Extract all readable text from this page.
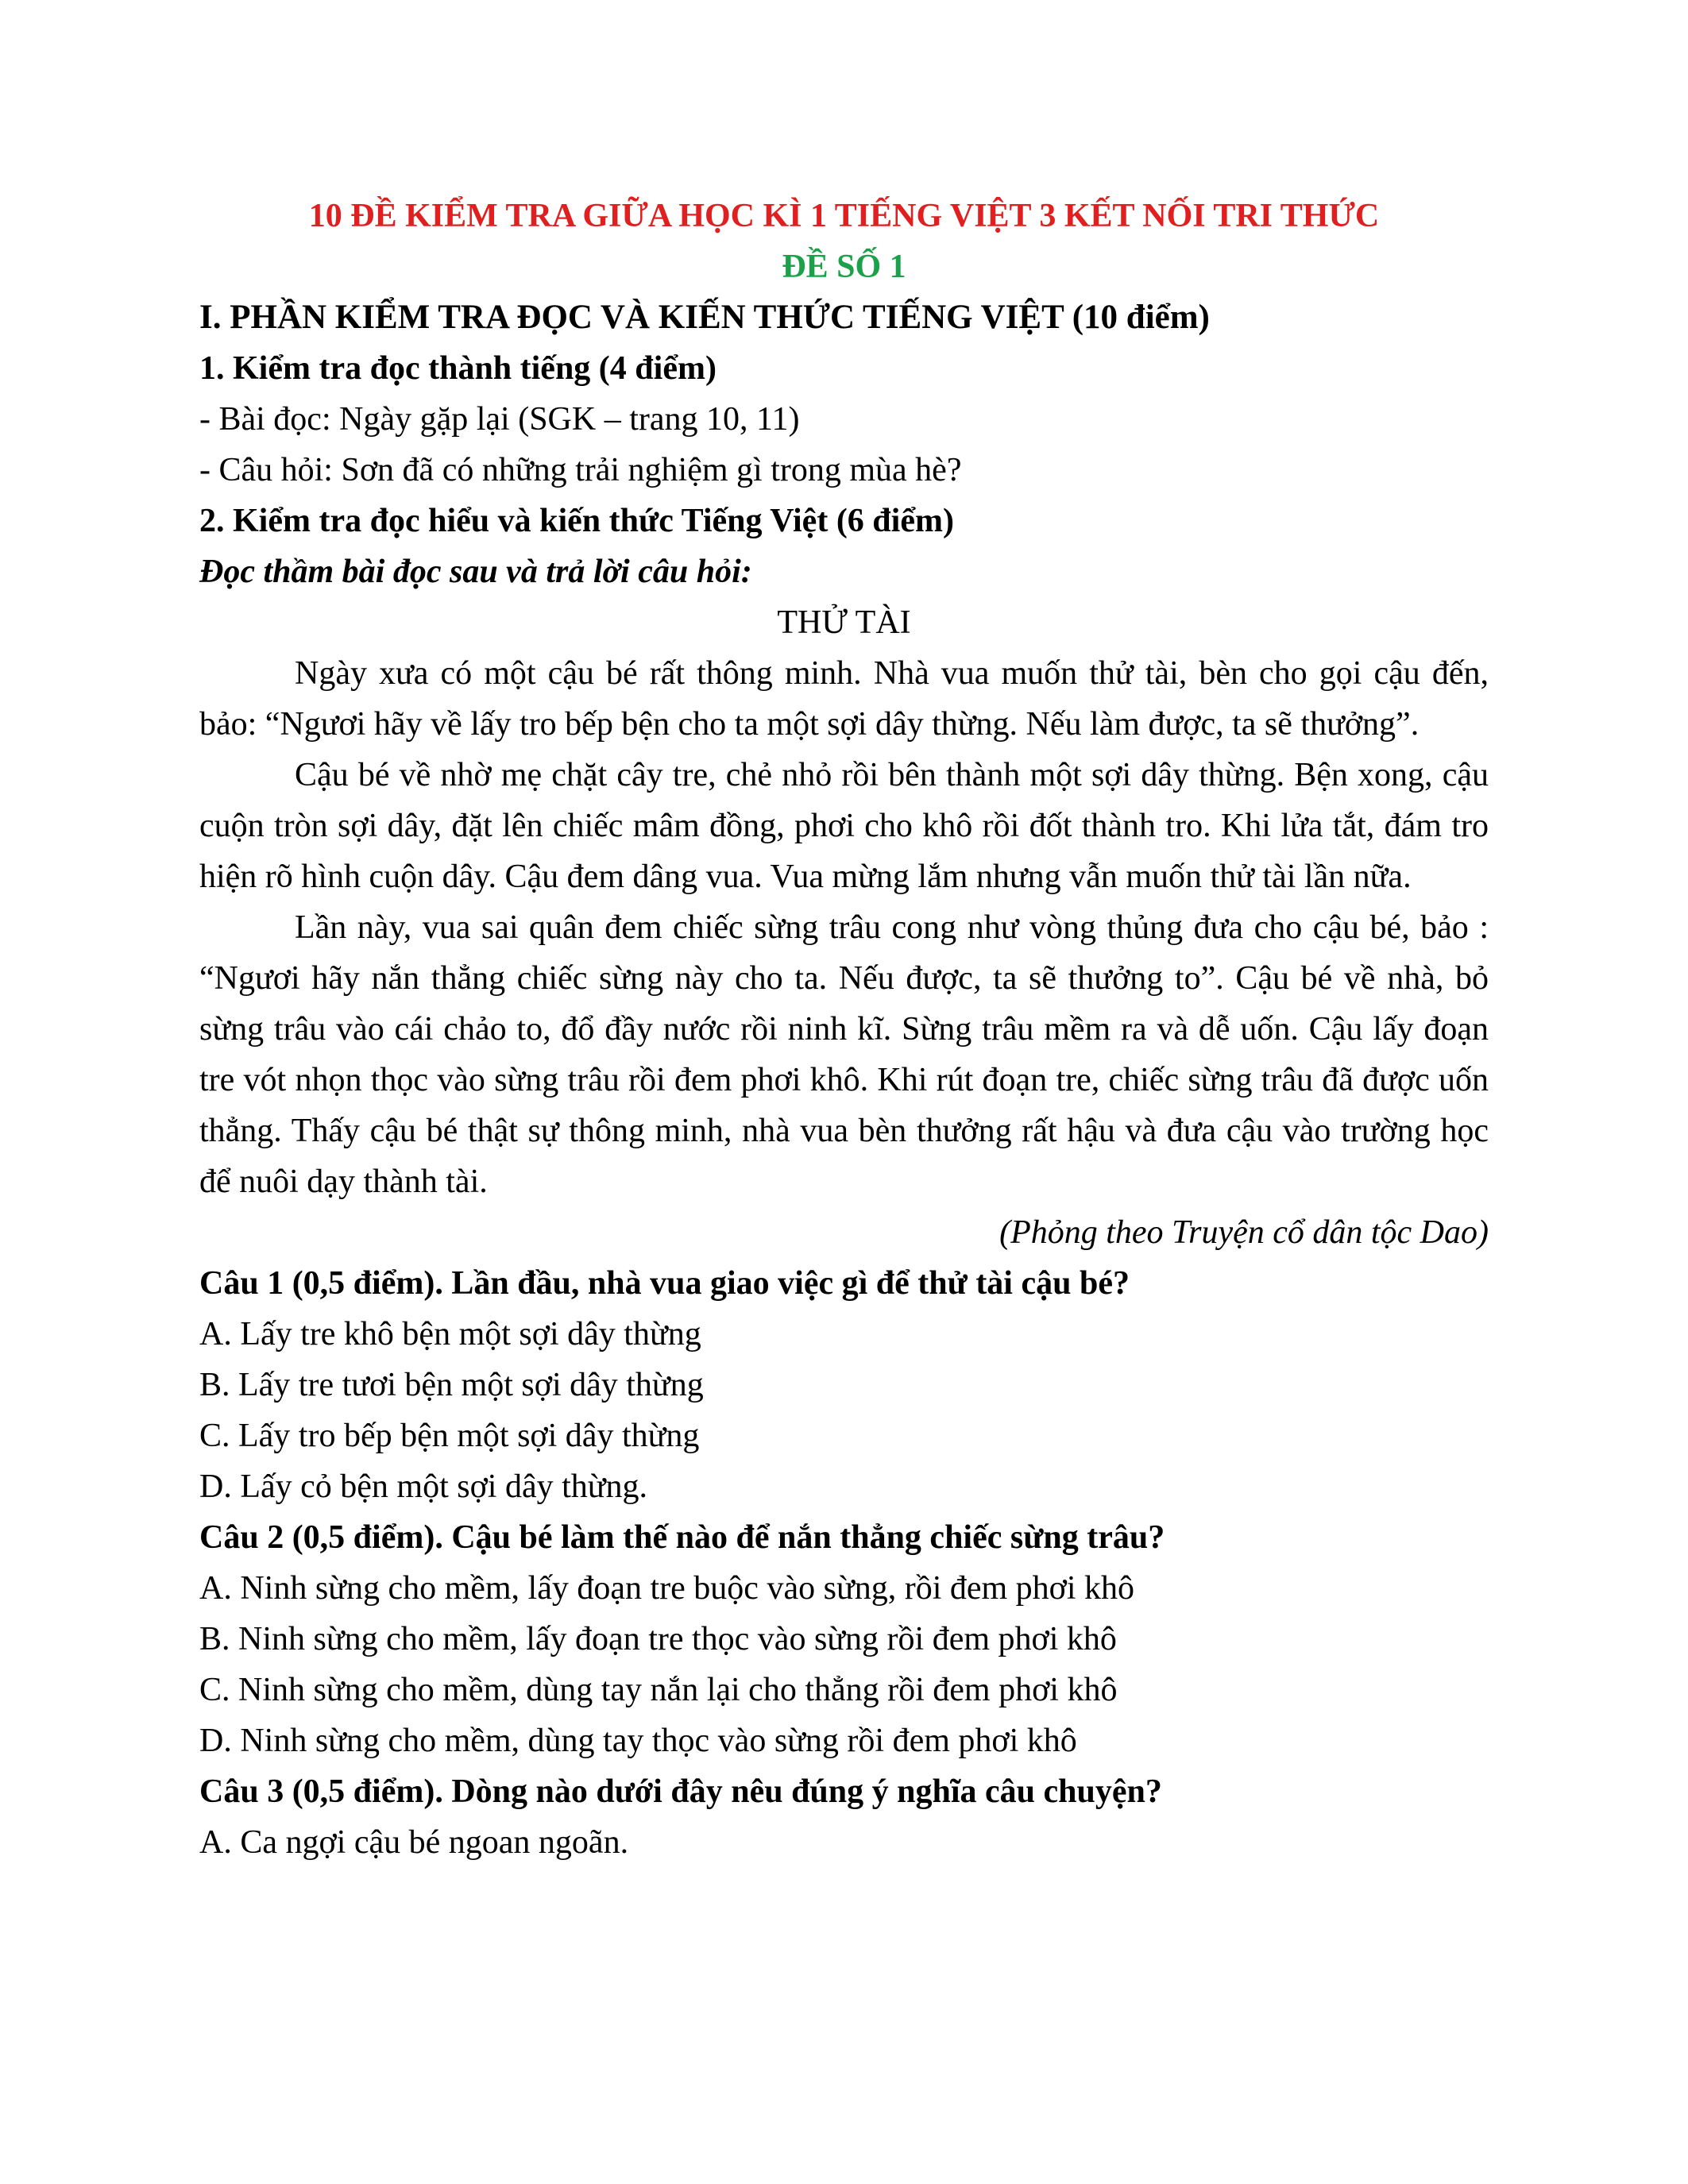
10 ĐỀ KIỂM TRA GIỮA HỌC KÌ 1 TIẾNG VIỆT 3 KẾT NỐI TRI THỨC
ĐỀ SỐ 1
I. PHẦN KIỂM TRA ĐỌC VÀ KIẾN THỨC TIẾNG VIỆT (10 điểm)
1. Kiểm tra đọc thành tiếng (4 điểm)
- Bài đọc: Ngày gặp lại (SGK – trang 10, 11)
- Câu hỏi: Sơn đã có những trải nghiệm gì trong mùa hè?
2. Kiểm tra đọc hiểu và kiến thức Tiếng Việt (6 điểm)
Đọc thầm bài đọc sau và trả lời câu hỏi:
THỬ TÀI

Ngày xưa có một cậu bé rất thông minh. Nhà vua muốn thử tài, bèn cho gọi cậu đến, bảo: “Ngươi hãy về lấy tro bếp bện cho ta một sợi dây thừng. Nếu làm được, ta sẽ thưởng”.

Cậu bé về nhờ mẹ chặt cây tre, chẻ nhỏ rồi bên thành một sợi dây thừng. Bện xong, cậu cuộn tròn sợi dây, đặt lên chiếc mâm đồng, phơi cho khô rồi đốt thành tro. Khi lửa tắt, đám tro hiện rõ hình cuộn dây. Cậu đem dâng vua. Vua mừng lắm nhưng vẫn muốn thử tài lần nữa.

Lần này, vua sai quân đem chiếc sừng trâu cong như vòng thủng đưa cho cậu bé, bảo : “Ngươi hãy nắn thẳng chiếc sừng này cho ta. Nếu được, ta sẽ thưởng to”. Cậu bé về nhà, bỏ sừng trâu vào cái chảo to, đổ đầy nước rồi ninh kĩ. Sừng trâu mềm ra và dễ uốn. Cậu lấy đoạn tre vót nhọn thọc vào sừng trâu rồi đem phơi khô. Khi rút đoạn tre, chiếc sừng trâu đã được uốn thẳng. Thấy cậu bé thật sự thông minh, nhà vua bèn thưởng rất hậu và đưa cậu vào trường học để nuôi dạy thành tài.

(Phỏng theo Truyện cổ dân tộc Dao)
Câu 1 (0,5 điểm). Lần đầu, nhà vua giao việc gì để thử tài cậu bé?
A. Lấy tre khô bện một sợi dây thừng
B. Lấy tre tươi bện một sợi dây thừng
C. Lấy tro bếp bện một sợi dây thừng
D. Lấy cỏ bện một sợi dây thừng.
Câu 2 (0,5 điểm). Cậu bé làm thế nào để nắn thẳng chiếc sừng trâu?
A. Ninh sừng cho mềm, lấy đoạn tre buộc vào sừng, rồi đem phơi khô
B. Ninh sừng cho mềm, lấy đoạn tre thọc vào sừng rồi đem phơi khô
C. Ninh sừng cho mềm, dùng tay nắn lại cho thẳng rồi đem phơi khô
D. Ninh sừng cho mềm, dùng tay thọc vào sừng rồi đem phơi khô
Câu 3 (0,5 điểm). Dòng nào dưới đây nêu đúng ý nghĩa câu chuyện?
A. Ca ngợi cậu bé ngoan ngoãn.
